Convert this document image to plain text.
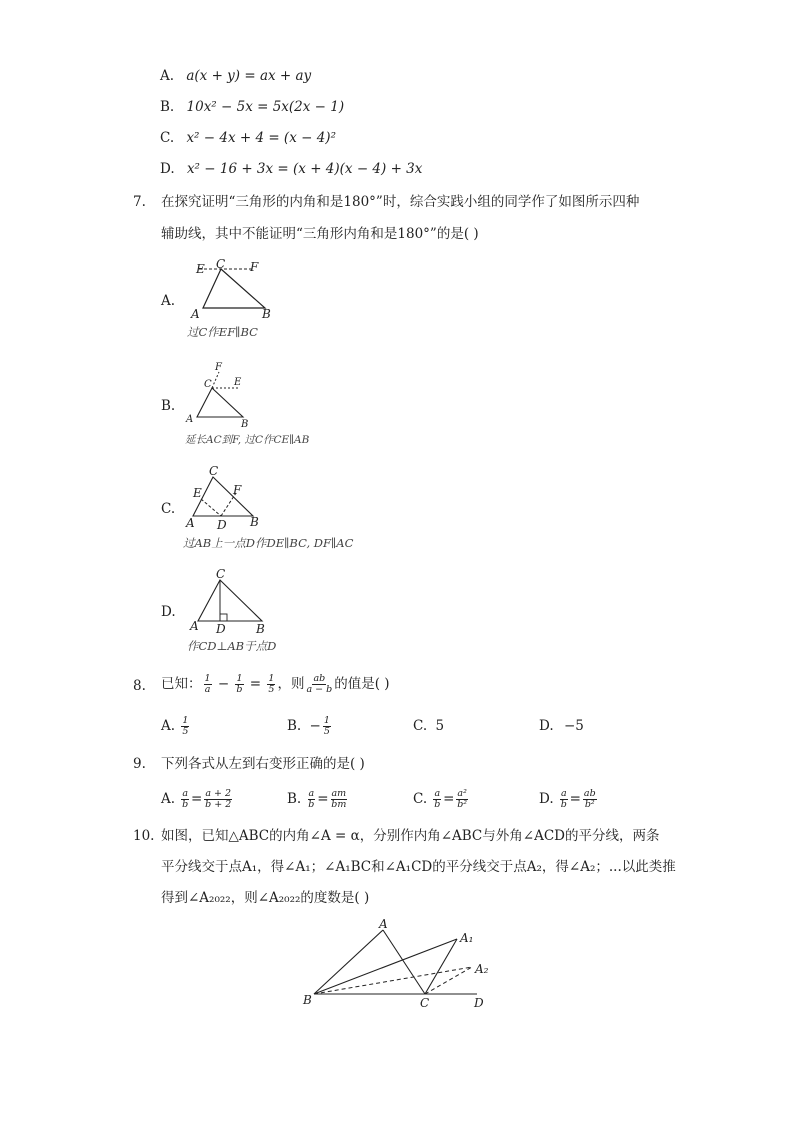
A. a(x + y) = ax + ay
B. 10x² − 5x = 5x(2x − 1)
C. x² − 4x + 4 = (x − 4)²
D. x² − 16 + 3x = (x + 4)(x − 4) + 3x
7. 在探究证明“三角形的内角和是180°”时，综合实践小组的同学作了如图所示四种
辅助线，其中不能证明“三角形内角和是180°”的是( )
A.
E C F
A	B
过C作EF∥BC
B.
F
C E
A	B
延长AC到F, 过C作CE∥AB
C.
C
E	F
A D B
过AB上一点D作DE∥BC, DF∥AC
D.
C
A D	B
作CD⊥AB于点D
8. 已知： $\frac{1}{a} - \frac{1}{b} = \frac{1}{5}$ ，则 $\frac{ab}{a - b}$ 的值是( )
A. $\frac{1}{5}$	B. − $\frac{1}{5}$	C. 5	D. −5
9. 下列各式从左到右变形正确的是( )
A. $\frac{a}{b} = \frac{a + 2}{b + 2}$	B. $\frac{a}{b} = \frac{am}{bm}$	C. $\frac{a}{b} = \frac{\text{a²}}{\text{b²}}$	D. $\frac{a}{b} = \frac{ab}{\text{b²}}$
10. 如图，已知△ABC的内角∠A = α，分别作内角∠ABC与外角∠ACD的平分线，两条
平分线交于点A₁，得∠A₁；∠A₁BC和∠A₁CD的平分线交于点A₂，得∠A₂；...以此类推
得到∠A₂₀₂₂，则∠A₂₀₂₂的度数是( )
A
A₁
A₂
B	C	D
